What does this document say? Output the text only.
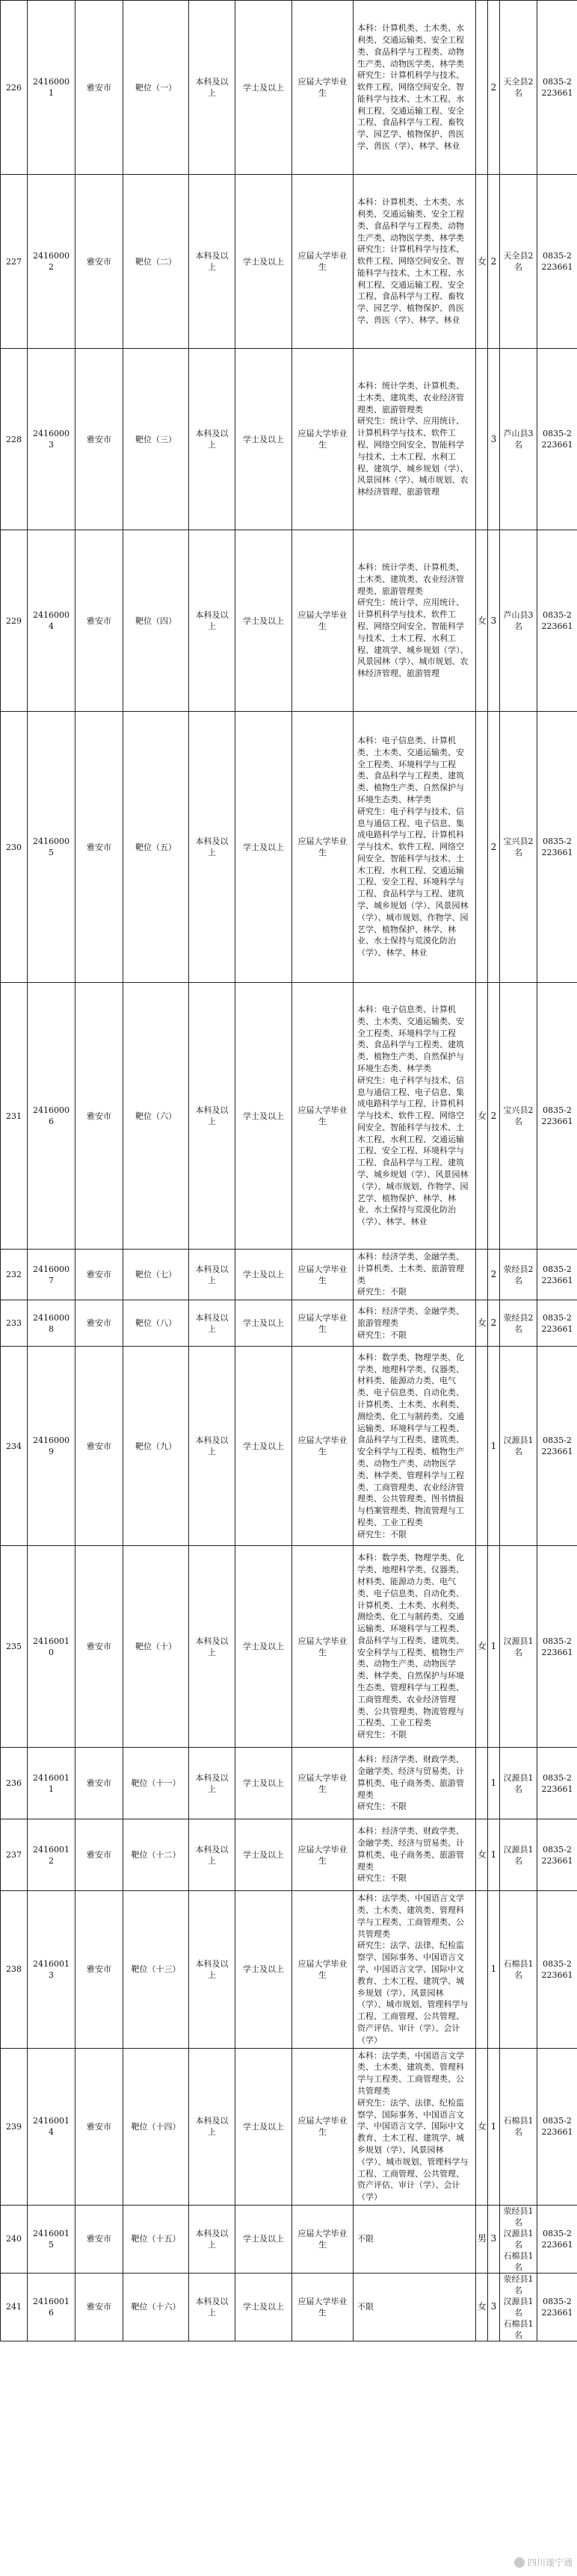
226	24160001	雅安市	靶位（一）	本科及以上	学士及以上	应届大学毕业生	本科：计算机类、土木类、水利类、交通运输类、安全工程类、食品科学与工程类、动物生产类、动物医学类、林学类
研究生：计算机科学与技术、软件工程、网络空间安全、智能科学与技术、土木工程、水利工程、交通运输工程、安全工程、食品科学与工程、畜牧学、园艺学、植物保护、兽医学、兽医（学）、林学、林业		2	天全县2名	0835-2223661
227	24160002	雅安市	靶位（二）	本科及以上	学士及以上	应届大学毕业生	本科：计算机类、土木类、水利类、交通运输类、安全工程类、食品科学与工程类、动物生产类、动物医学类、林学类
研究生：计算机科学与技术、软件工程、网络空间安全、智能科学与技术、土木工程、水利工程、交通运输工程、安全工程、食品科学与工程、畜牧学、园艺学、植物保护、兽医学、兽医（学）、林学、林业	女	2	天全县2名	0835-2223661
228	24160003	雅安市	靶位（三）	本科及以上	学士及以上	应届大学毕业生	本科：统计学类、计算机类、土木类、建筑类、农业经济管理类、旅游管理类
研究生：统计学、应用统计、计算机科学与技术、软件工程、网络空间安全、智能科学与技术、土木工程、水利工程、建筑学、城乡规划（学）、风景园林（学）、城市规划、农林经济管理、旅游管理		3	芦山县3名	0835-2223661
229	24160004	雅安市	靶位（四）	本科及以上	学士及以上	应届大学毕业生	本科：统计学类、计算机类、土木类、建筑类、农业经济管理类、旅游管理类
研究生：统计学、应用统计、计算机科学与技术、软件工程、网络空间安全、智能科学与技术、土木工程、水利工程、建筑学、城乡规划（学）、风景园林（学）、城市规划、农林经济管理、旅游管理	女	3	芦山县3名	0835-2223661
230	24160005	雅安市	靶位（五）	本科及以上	学士及以上	应届大学毕业生	本科：电子信息类、计算机类、土木类、交通运输类、安全工程类、环境科学与工程类、食品科学与工程类、建筑类、植物生产类、自然保护与环境生态类、林学类
研究生：电子科学与技术、信息与通信工程、电子信息、集成电路科学与工程、计算机科学与技术、软件工程、网络空间安全、智能科学与技术、土木工程、水利工程、交通运输工程、安全工程、环境科学与工程、食品科学与工程、建筑学、城乡规划（学）、风景园林（学）、城市规划、作物学、园艺学、植物保护、林学、林业、水土保持与荒漠化防治（学）、林学、林业		2	宝兴县2名	0835-2223661
231	24160006	雅安市	靶位（六）	本科及以上	学士及以上	应届大学毕业生	本科：电子信息类、计算机类、土木类、交通运输类、安全工程类、环境科学与工程类、食品科学与工程类、建筑类、植物生产类、自然保护与环境生态类、林学类
研究生：电子科学与技术、信息与通信工程、电子信息、集成电路科学与工程、计算机科学与技术、软件工程、网络空间安全、智能科学与技术、土木工程、水利工程、交通运输工程、安全工程、环境科学与工程、食品科学与工程、建筑学、城乡规划（学）、风景园林（学）、城市规划、作物学、园艺学、植物保护、林学、林业、水土保持与荒漠化防治（学）、林学、林业	女	2	宝兴县2名	0835-2223661
232	24160007	雅安市	靶位（七）	本科及以上	学士及以上	应届大学毕业生	本科：经济学类、金融学类、计算机类、土木类、旅游管理类
研究生：不限		2	荥经县2名	0835-2223661
233	24160008	雅安市	靶位（八）	本科及以上	学士及以上	应届大学毕业生	本科：经济学类、金融学类、旅游管理类
研究生：不限	女	2	荥经县2名	0835-2223661
234	24160009	雅安市	靶位（九）	本科及以上	学士及以上	应届大学毕业生	本科：数学类、物理学类、化学类、地理科学类、仪器类、材料类、能源动力类、电气类、电子信息类、自动化类、计算机类、土木类、水利类、测绘类、化工与制药类、交通运输类、环境科学与工程类、食品科学与工程类、建筑类、安全科学与工程类、植物生产类、动物生产类、动物医学类、林学类、管理科学与工程类、工商管理类、农业经济管理类、公共管理类、图书情报与档案管理类、物流管理与工程类、工业工程类
研究生：不限		1	汉源县1名	0835-2223661
235	24160010	雅安市	靶位（十）	本科及以上	学士及以上	应届大学毕业生	本科：数学类、物理学类、化学类、地理科学类、仪器类、材料类、能源动力类、电气类、电子信息类、自动化类、计算机类、土木类、水利类、测绘类、化工与制药类、交通运输类、环境科学与工程类、食品科学与工程类、建筑类、安全科学与工程类、植物生产类、动物生产类、动物医学类、林学类、自然保护与环境生态类、管理科学与工程类、工商管理类、农业经济管理类、公共管理类、物流管理与工程类、工业工程类
研究生：不限	女	1	汉源县1名	0835-2223661
236	24160011	雅安市	靶位（十一）	本科及以上	学士及以上	应届大学毕业生	本科：经济学类、财政学类、金融学类、经济与贸易类、计算机类、电子商务类、旅游管理类
研究生：不限		1	汉源县1名	0835-2223661
237	24160012	雅安市	靶位（十二）	本科及以上	学士及以上	应届大学毕业生	本科：经济学类、财政学类、金融学类、经济与贸易类、计算机类、电子商务类、旅游管理类
研究生：不限	女	1	汉源县1名	0835-2223661
238	24160013	雅安市	靶位（十三）	本科及以上	学士及以上	应届大学毕业生	本科：法学类、中国语言文学类、土木类、建筑类、管理科学与工程类、工商管理类、公共管理类
研究生：法学、法律、纪检监察学、国际事务、中国语言文学、中国语言文学、国际中文教育、土木工程、建筑学、城乡规划（学）、风景园林（学）、城市规划、管理科学与工程、工商管理、公共管理、资产评估、审计（学）、会计（学）		1	石棉县1名	0835-2223661
239	24160014	雅安市	靶位（十四）	本科及以上	学士及以上	应届大学毕业生	本科：法学类、中国语言文学类、土木类、建筑类、管理科学与工程类、工商管理类、公共管理类
研究生：法学、法律、纪检监察学、国际事务、中国语言文学、中国语言文学、国际中文教育、土木工程、建筑学、城乡规划（学）、风景园林（学）、城市规划、管理科学与工程、工商管理、公共管理、资产评估、审计（学）、会计（学）	女	1	石棉县1名	0835-2223661
240	24160015	雅安市	靶位（十五）	本科及以上	学士及以上	应届大学毕业生	不限	男	3	荥经县1名
汉源县1名
石棉县1名	0835-2223661
241	24160016	雅安市	靶位（十六）	本科及以上	学士及以上	应届大学毕业生	不限	女	3	荥经县1名
汉源县1名
石棉县1名	0835-2223661
四川遂宁通
